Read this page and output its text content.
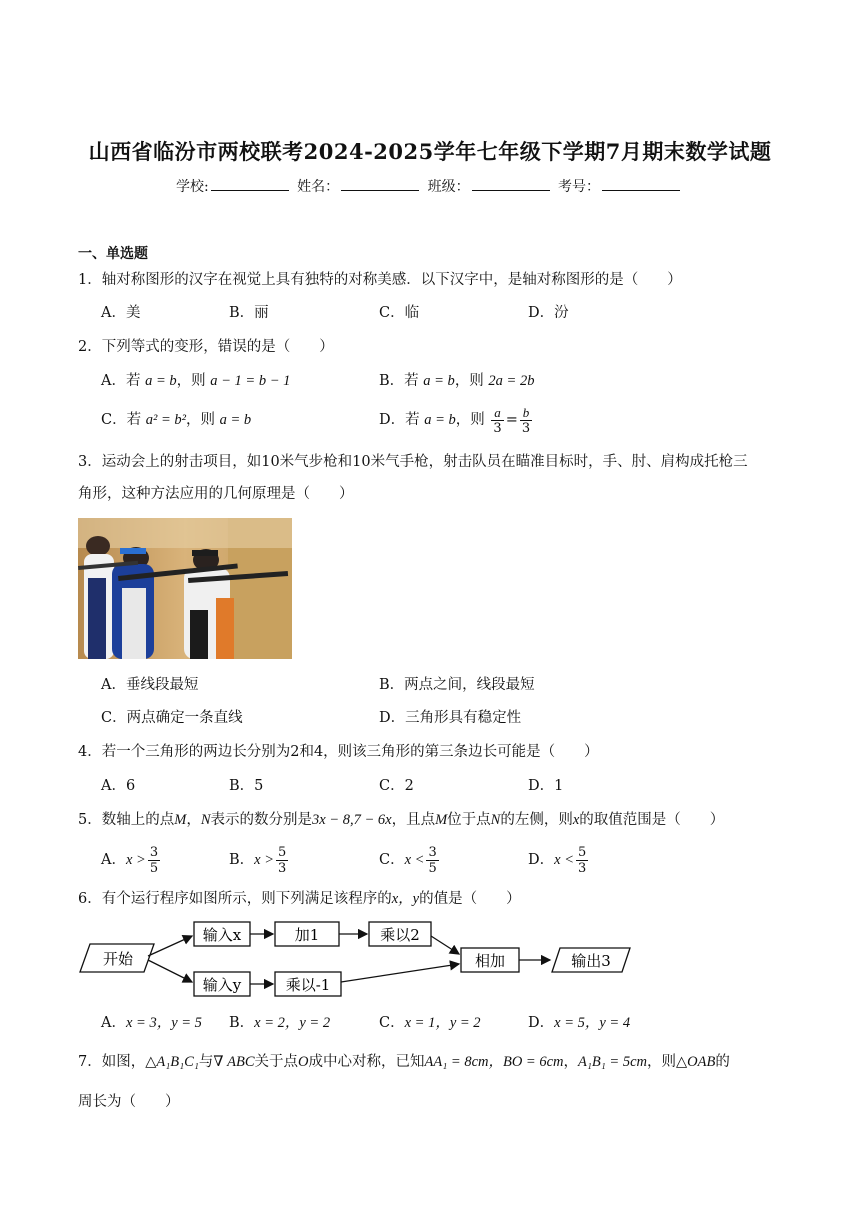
山西省临汾市两校联考2024-2025学年七年级下学期7月期末数学试题
学校:	姓名：	班级：	考号：
一、单选题
1．轴对称图形的汉字在视觉上具有独特的对称美感．以下汉字中，是轴对称图形的是（　　）
A．美	B．丽	C．临	D．汾
2．下列等式的变形，错误的是（　　）
A．若 a = b，则 a − 1 = b − 1	B．若 a = b，则 2a = 2b
C．若 a² = b²，则 a = b	D．若 a = b，则 $\frac{a}{3} = \frac{b}{3}$
3．运动会上的射击项目，如10米气步枪和10米气手枪，射击队员在瞄准目标时，手、肘、肩构成托枪三
角形，这种方法应用的几何原理是（　　）
A．垂线段最短	B．两点之间，线段最短
C．两点确定一条直线	D．三角形具有稳定性
4．若一个三角形的两边长分别为2和4，则该三角形的第三条边长可能是（　　）
A．6	B．5	C．2	D．1
5．数轴上的点M，N表示的数分别是3x − 8,7 − 6x，且点M位于点N的左侧，则x的取值范围是（　　）
A．$x > \frac{3}{5}$	B．$x > \frac{5}{3}$	C．$x < \frac{3}{5}$	D．$x < \frac{5}{3}$
6．有个运行程序如图所示，则下列满足该程序的x，y的值是（　　）
开始
输入x	加1	乘以2
输入y	乘以-1
相加	输出3
A．x = 3，y = 5 B．x = 2，y = 2	C．x = 1，y = 2	D．x = 5，y = 4
7．如图，△A₁B₁C₁与∇ ABC关于点O成中心对称，已知AA₁ = 8cm，BO = 6cm，A₁B₁ = 5cm，则△OAB的
周长为（　　）
